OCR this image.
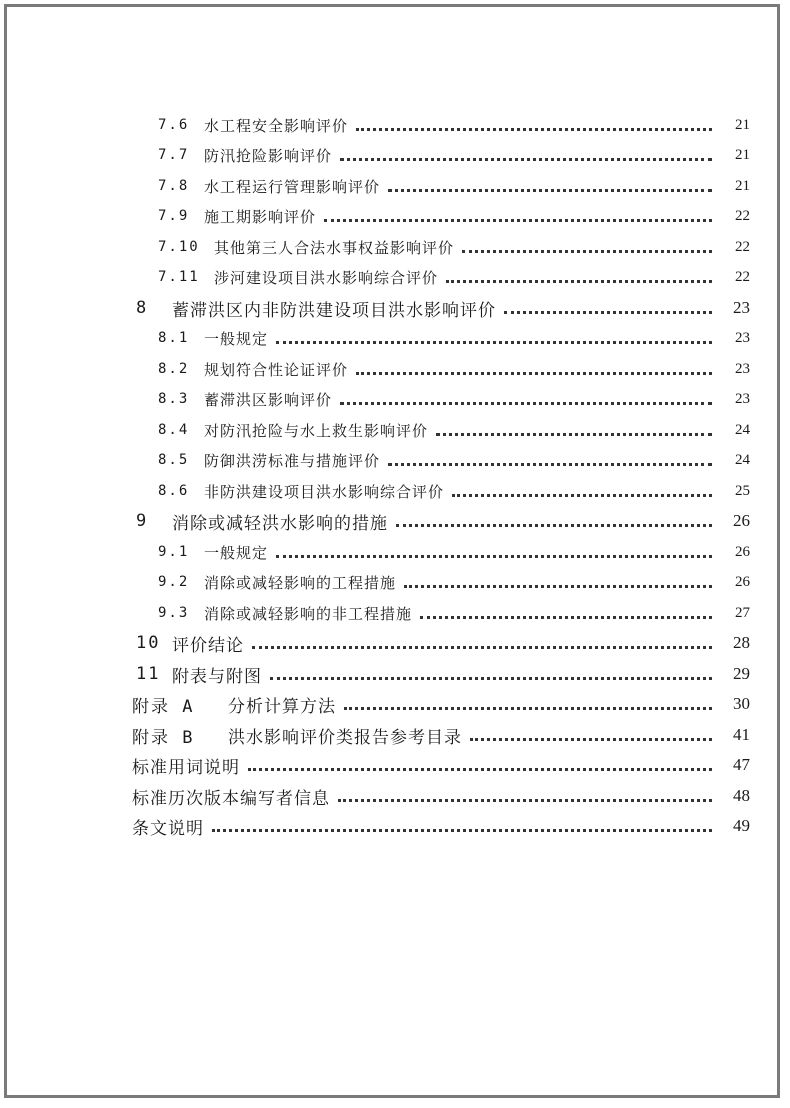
7.6 水工程安全影响评价	21
7.7 防汛抢险影响评价	21
7.8 水工程运行管理影响评价	21
7.9 施工期影响评价	22
7.10 其他第三人合法水事权益影响评价	22
7.11 涉河建设项目洪水影响综合评价	22
8	蓄滞洪区内非防洪建设项目洪水影响评价	23
8.1 一般规定	23
8.2 规划符合性论证评价	23
8.3 蓄滞洪区影响评价	23
8.4 对防汛抢险与水上救生影响评价	24
8.5 防御洪涝标准与措施评价	24
8.6 非防洪建设项目洪水影响综合评价	25
9	消除或减轻洪水影响的措施	26
9.1 一般规定	26
9.2 消除或减轻影响的工程措施	26
9.3 消除或减轻影响的非工程措施	27
10 评价结论	28
11 附表与附图	29
附录 A	分析计算方法	30
附录 B	洪水影响评价类报告参考目录	41
标准用词说明	47
标准历次版本编写者信息	48
条文说明	49
